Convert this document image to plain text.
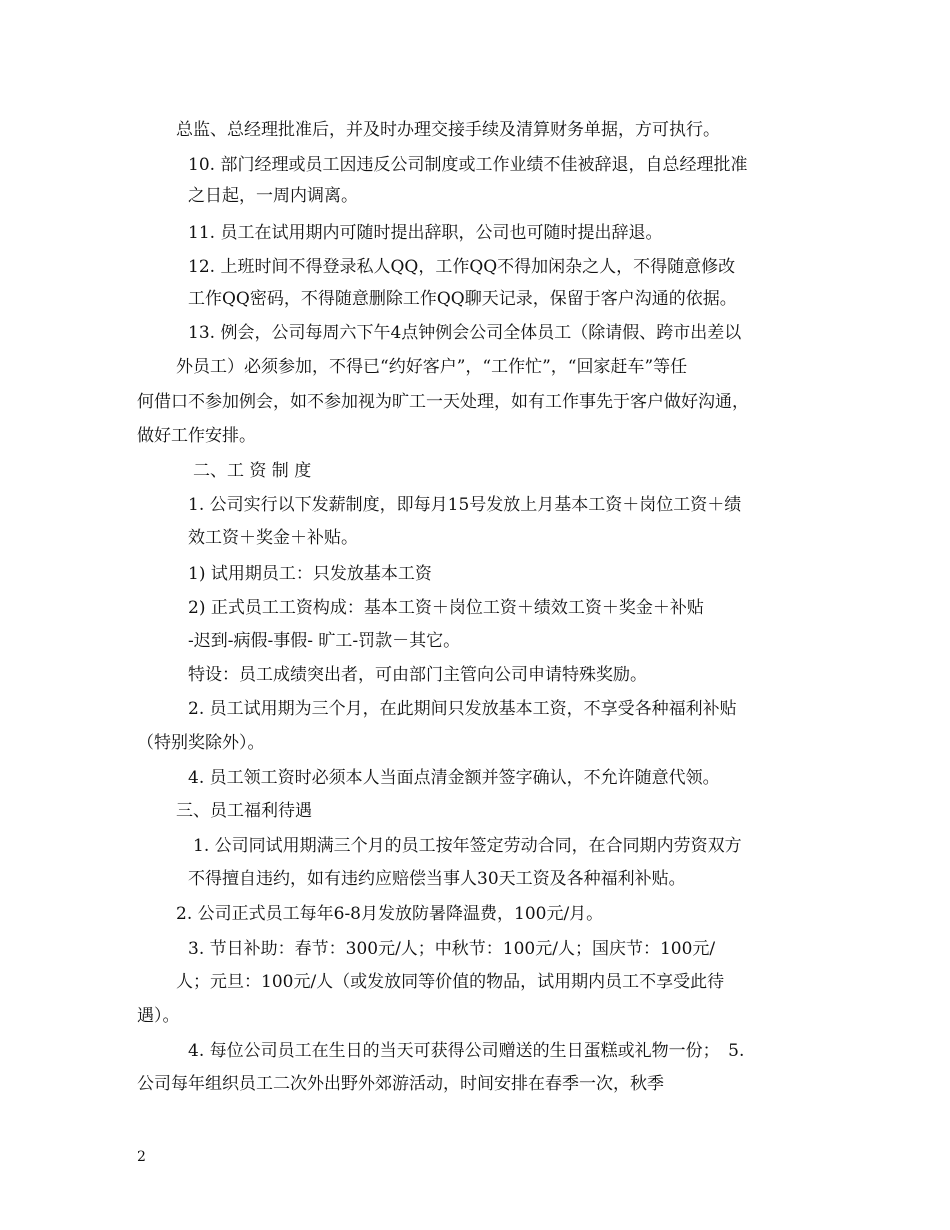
总监、总经理批准后，并及时办理交接手续及清算财务单据，方可执行。
10. 部门经理或员工因违反公司制度或工作业绩不佳被辞退，自总经理批准
之日起，一周内调离。
11. 员工在试用期内可随时提出辞职，公司也可随时提出辞退。
12. 上班时间不得登录私人QQ，工作QQ不得加闲杂之人，不得随意修改
工作QQ密码，不得随意删除工作QQ聊天记录，保留于客户沟通的依据。
13. 例会，公司每周六下午4点钟例会公司全体员工（除请假、跨市出差以
外员工）必须参加，不得已“约好客户”，“工作忙”，“回家赶车”等任
何借口不参加例会，如不参加视为旷工一天处理，如有工作事先于客户做好沟通，
做好工作安排。
二、工 资 制 度
1. 公司实行以下发薪制度，即每月15号发放上月基本工资＋岗位工资＋绩
效工资＋奖金＋补贴。
1) 试用期员工：只发放基本工资
2) 正式员工工资构成：基本工资＋岗位工资＋绩效工资＋奖金＋补贴
-迟到-病假-事假- 旷工-罚款－其它。
特设：员工成绩突出者，可由部门主管向公司申请特殊奖励。
2. 员工试用期为三个月，在此期间只发放基本工资，不享受各种福利补贴
（特别奖除外）。
4. 员工领工资时必须本人当面点清金额并签字确认，不允许随意代领。
三、员工福利待遇
1. 公司同试用期满三个月的员工按年签定劳动合同，在合同期内劳资双方
不得擅自违约，如有违约应赔偿当事人30天工资及各种福利补贴。
2. 公司正式员工每年6-8月发放防暑降温费，100元/月。
3. 节日补助：春节：300元/人；中秋节：100元/人；国庆节：100元/
人；元旦：100元/人（或发放同等价值的物品，试用期内员工不享受此待
遇）。
4. 每位公司员工在生日的当天可获得公司赠送的生日蛋糕或礼物一份；　5.
公司每年组织员工二次外出野外郊游活动，时间安排在春季一次，秋季
2
